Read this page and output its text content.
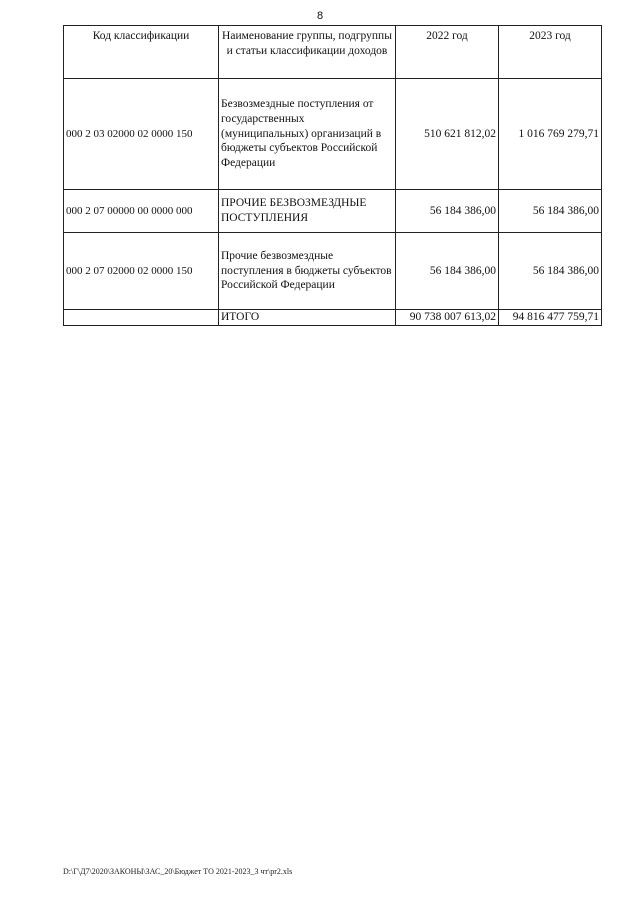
8
Код классификации	Наименование группы, подгруппы и статьи классификации доходов	2022 год	2023 год
000 2 03 02000 02 0000 150	Безвозмездные поступления от государственных (муниципальных) организаций в бюджеты субъектов Российской Федерации	510 621 812,02	1 016 769 279,71
000 2 07 00000 00 0000 000	ПРОЧИЕ БЕЗВОЗМЕЗДНЫЕ ПОСТУПЛЕНИЯ	56 184 386,00	56 184 386,00
000 2 07 02000 02 0000 150	Прочие безвозмездные поступления в бюджеты субъектов Российской Федерации	56 184 386,00	56 184 386,00
	ИТОГО	90 738 007 613,02	94 816 477 759,71
D:\Г\Д7\2020\ЗАКОНЫ\ЗАС_20\Бюджет ТО 2021-2023_3 чт\pr2.xls
